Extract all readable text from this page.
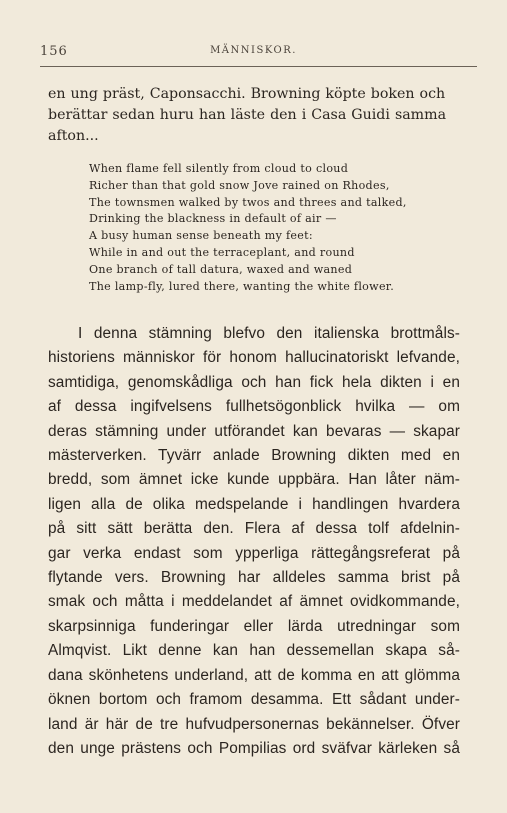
156	MÄNNISKOR.
en ung präst, Caponsacchi. Browning köpte boken och
berättar sedan huru han läste den i Casa Guidi samma
afton...
When flame fell silently from cloud to cloud
Richer than that gold snow Jove rained on Rhodes,
The townsmen walked by twos and threes and talked,
Drinking the blackness in default of air —
A busy human sense beneath my feet:
While in and out the terraceplant, and round
One branch of tall datura, waxed and waned
The lamp-fly, lured there, wanting the white flower.
I denna stämning blefvo den italienska brottmåls-
historiens människor för honom hallucinatoriskt lefvande,
samtidiga, genomskådliga och han fick hela dikten i en
af dessa ingifvelsens fullhetsögonblick hvilka — om
deras stämning under utförandet kan bevaras — skapar
mästerverken. Tyvärr anlade Browning dikten med en
bredd, som ämnet icke kunde uppbära. Han låter näm-
ligen alla de olika medspelande i handlingen hvardera
på sitt sätt berätta den. Flera af dessa tolf afdelnin-
gar verka endast som ypperliga rättegångsreferat på
flytande vers. Browning har alldeles samma brist på
smak och måtta i meddelandet af ämnet ovidkommande,
skarpsinniga funderingar eller lärda utredningar som
Almqvist. Likt denne kan han dessemellan skapa så-
dana skönhetens underland, att de komma en att glömma
öknen bortom och framom desamma. Ett sådant under-
land är här de tre hufvudpersonernas bekännelser. Öfver
den unge prästens och Pompilias ord sväfvar kärleken så
